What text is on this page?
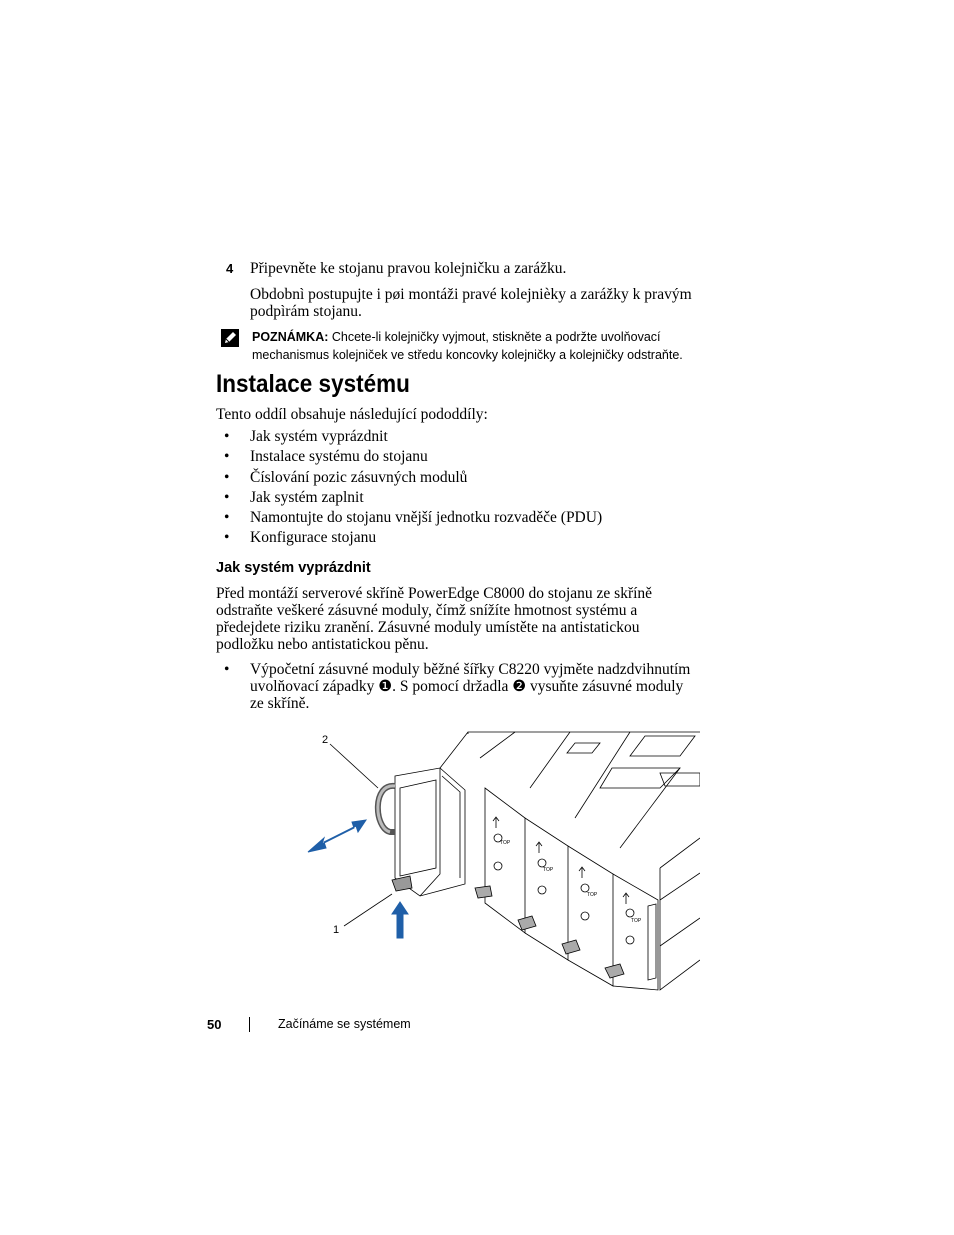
4 Připevněte ke stojanu pravou kolejničku a zarážku.
Obdobnì postupujte i pøi montáži pravé kolejnièky a zarážky k pravým
podpìrám stojanu.
POZNÁMKA: Chcete-li kolejničky vyjmout, stiskněte a podržte uvolňovací
mechanismus kolejniček ve středu koncovky kolejničky a kolejničky odstraňte.
Instalace systému
Tento oddíl obsahuje následující pododdíly:
• Jak systém vyprázdnit
• Instalace systému do stojanu
• Číslování pozic zásuvných modulů
• Jak systém zaplnit
• Namontujte do stojanu vnější jednotku rozvaděče (PDU)
• Konfigurace stojanu
Jak systém vyprázdnit
Před montáží serverové skříně PowerEdge C8000 do stojanu ze skříně
odstraňte veškeré zásuvné moduly, čímž snížíte hmotnost systému a
předejdete riziku zranění. Zásuvné moduly umístěte na antistatickou
podložku nebo antistatickou pěnu.
• Výpočetní zásuvné moduly běžné šířky C8220 vyjměte nadzdvihnutím
uvolňovací západky ❶. S pomocí držadla ❷ vysuňte zásuvné moduly
ze skříně.
TOP
TOP
TOP
TOP
2
1
50	Začínáme se systémem
